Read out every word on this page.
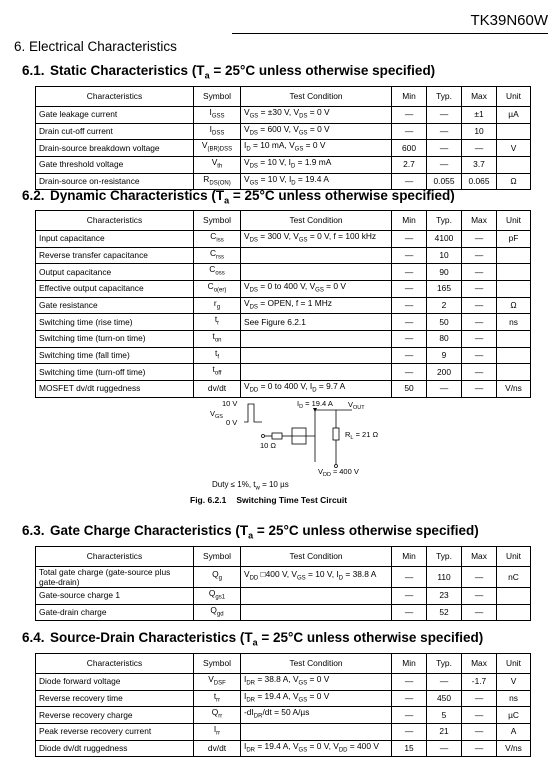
TK39N60W
6. Electrical Characteristics
6.1. Static Characteristics ($T_a = 25^\circ C$ unless otherwise specified)
Characteristics	Symbol	Test Condition	Min	Typ.	Max	Unit
Gate leakage current	$I_{GSS}$	$V_{GS} = \pm 30$ V, $V_{DS} = 0$ V	—	—	±1	µA
Drain cut-off current	$I_{DSS}$	$V_{DS} = 600$ V, $V_{GS} = 0$ V	—	—	10	
Drain-source breakdown voltage	$V_{(BR)DSS}$	$I_D = 10$ mA, $V_{GS} = 0$ V	600	—	—	V
Gate threshold voltage	$V_{th}$	$V_{DS} = 10$ V, $I_D = 1.9$ mA	2.7	—	3.7	
Drain-source on-resistance	$R_{DS(ON)}$	$V_{GS} = 10$ V, $I_D = 19.4$ A	—	0.055	0.065	Ω
6.2. Dynamic Characteristics ($T_a = 25^\circ C$ unless otherwise specified)
Characteristics	Symbol	Test Condition	Min	Typ.	Max	Unit
Input capacitance	$C_{iss}$	$V_{DS} = 300$ V, $V_{GS} = 0$ V, f = 100 kHz	—	4100	—	pF
Reverse transfer capacitance	$C_{rss}$		—	10	—	
Output capacitance	$C_{oss}$		—	90	—	
Effective output capacitance	$C_{o(er)}$	$V_{DS} = 0$ to 400 V, $V_{GS} = 0$ V	—	165	—	
Gate resistance	$r_g$	$V_{DS}$ = OPEN, f = 1 MHz	—	2	—	Ω
Switching time (rise time)	$t_r$	See Figure 6.2.1	—	50	—	ns
Switching time (turn-on time)	$t_{on}$		—	80	—	
Switching time (fall time)	$t_f$		—	9	—	
Switching time (turn-off time)	$t_{off}$		—	200	—	
MOSFET dv/dt ruggedness	dv/dt	$V_{DD} = 0$ to 400 V, $I_D = 9.7$ A	50	—	—	V/ns
10 V
$V_{GS}$
0 V
$I_D = 19.4$ A $V_{OUT}$
$R_L = 21$ Ω
$V_{DD} \approx 400$ V
10 Ω
Duty ≤ 1%, $t_w = 10$ µs
Fig. 6.2.1 Switching Time Test Circuit
6.3. Gate Charge Characteristics ($T_a = 25^\circ C$ unless otherwise specified)
Characteristics	Symbol	Test Condition	Min	Typ.	Max	Unit
Total gate charge (gate-source plus gate-drain)	$Q_g$	$V_{DD}$ □400 V, $V_{GS} = 10$ V, $I_D = 38.8$ A	—	110	—	nC
Gate-source charge 1	$Q_{gs1}$		—	23	—	
Gate-drain charge	$Q_{gd}$		—	52	—	
6.4. Source-Drain Characteristics ($T_a = 25^\circ C$ unless otherwise specified)
Characteristics	Symbol	Test Condition	Min	Typ.	Max	Unit
Diode forward voltage	$V_{DSF}$	$I_{DR} = 38.8$ A, $V_{GS} = 0$ V	—	—	-1.7	V
Reverse recovery time	$t_{rr}$	$I_{DR} = 19.4$ A, $V_{GS} = 0$ V	—	450	—	ns
Reverse recovery charge	$Q_{rr}$	$-dI_{DR}/dt = 50$ A/µs	—	5	—	µC
Peak reverse recovery current	$I_{rr}$		—	21	—	A
Diode dv/dt ruggedness	dv/dt	$I_{DR} = 19.4$ A, $V_{GS} = 0$ V, $V_{DD} = 400$ V	15	—	—	V/ns
